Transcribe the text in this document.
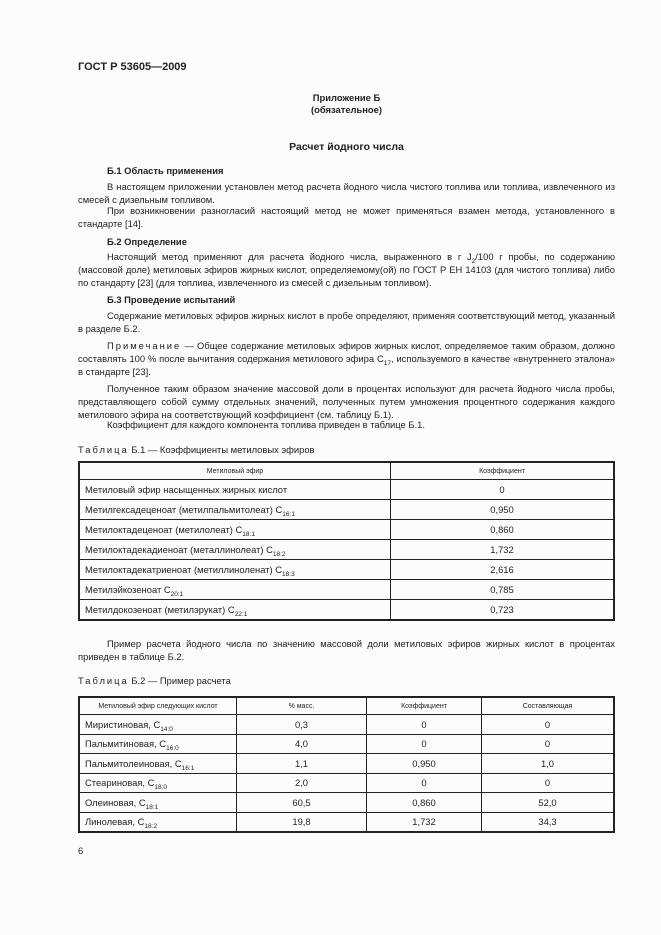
ГОСТ Р 53605—2009
Приложение Б
(обязательное)
Расчет йодного числа
Б.1 Область применения
В настоящем приложении установлен метод расчета йодного числа чистого топлива или топлива, извлеченного из смесей с дизельным топливом.
При возникновении разногласий настоящий метод не может применяться взамен метода, установленного в стандарте [14].
Б.2 Определение
Настоящий метод применяют для расчета йодного числа, выраженного в г $J_2/100$ г пробы, по содержанию (массовой доле) метиловых эфиров жирных кислот, определяемому(ой) по ГОСТ Р ЕН 14103 (для чистого топлива) либо по стандарту [23] (для топлива, извлеченного из смесей с дизельным топливом).
Б.3 Проведение испытаний
Содержание метиловых эфиров жирных кислот в пробе определяют, применяя соответствующий метод, указанный в разделе Б.2.
Примечание — Общее содержание метиловых эфиров жирных кислот, определяемое таким образом, должно составлять 100 % после вычитания содержания метилового эфира $С_{17}$, используемого в качестве «внутреннего эталона» в стандарте [23].
Полученное таким образом значение массовой доли в процентах используют для расчета йодного числа пробы, представляющего собой сумму отдельных значений, полученных путем умножения процентного содержания каждого метилового эфира на соответствующий коэффициент (см. таблицу Б.1).
Коэффициент для каждого компонента топлива приведен в таблице Б.1.
Таблица Б.1 — Коэффициенты метиловых эфиров
Метиловый эфир	Коэффициент
Метиловый эфир насыщенных жирных кислот	0
Метилгексадеценоат (метилпальмитолеат) $С_{16:1}$	0,950
Метилоктадеценоат (метилолеат) $С_{18:1}$	0,860
Метилоктадекадиеноат (металлинолеат) $С_{18:2}$	1,732
Метилоктадекатриеноат (метиллиноленат) $С_{18:3}$	2,616
Метилэйкозеноат $С_{20:1}$	0,785
Метилдокозеноат (метилэрукат) $С_{22:1}$	0,723
Пример расчета йодного числа по значению массовой доли метиловых эфиров жирных кислот в процентах приведен в таблице Б.2.
Таблица Б.2 — Пример расчета
Метиловый эфир следующих кислот	% масс.	Коэффициент	Составляющая
Миристиновая, $С_{14:0}$	0,3	0	0
Пальмитиновая, $С_{16:0}$	4,0	0	0
Пальмитолеиновая, $С_{16:1}$	1,1	0,950	1,0
Стеариновая, $С_{18:0}$	2,0	0	0
Олеиновая, $С_{18:1}$	60,5	0,860	52,0
Линолевая, $С_{18:2}$	19,8	1,732	34,3
6
